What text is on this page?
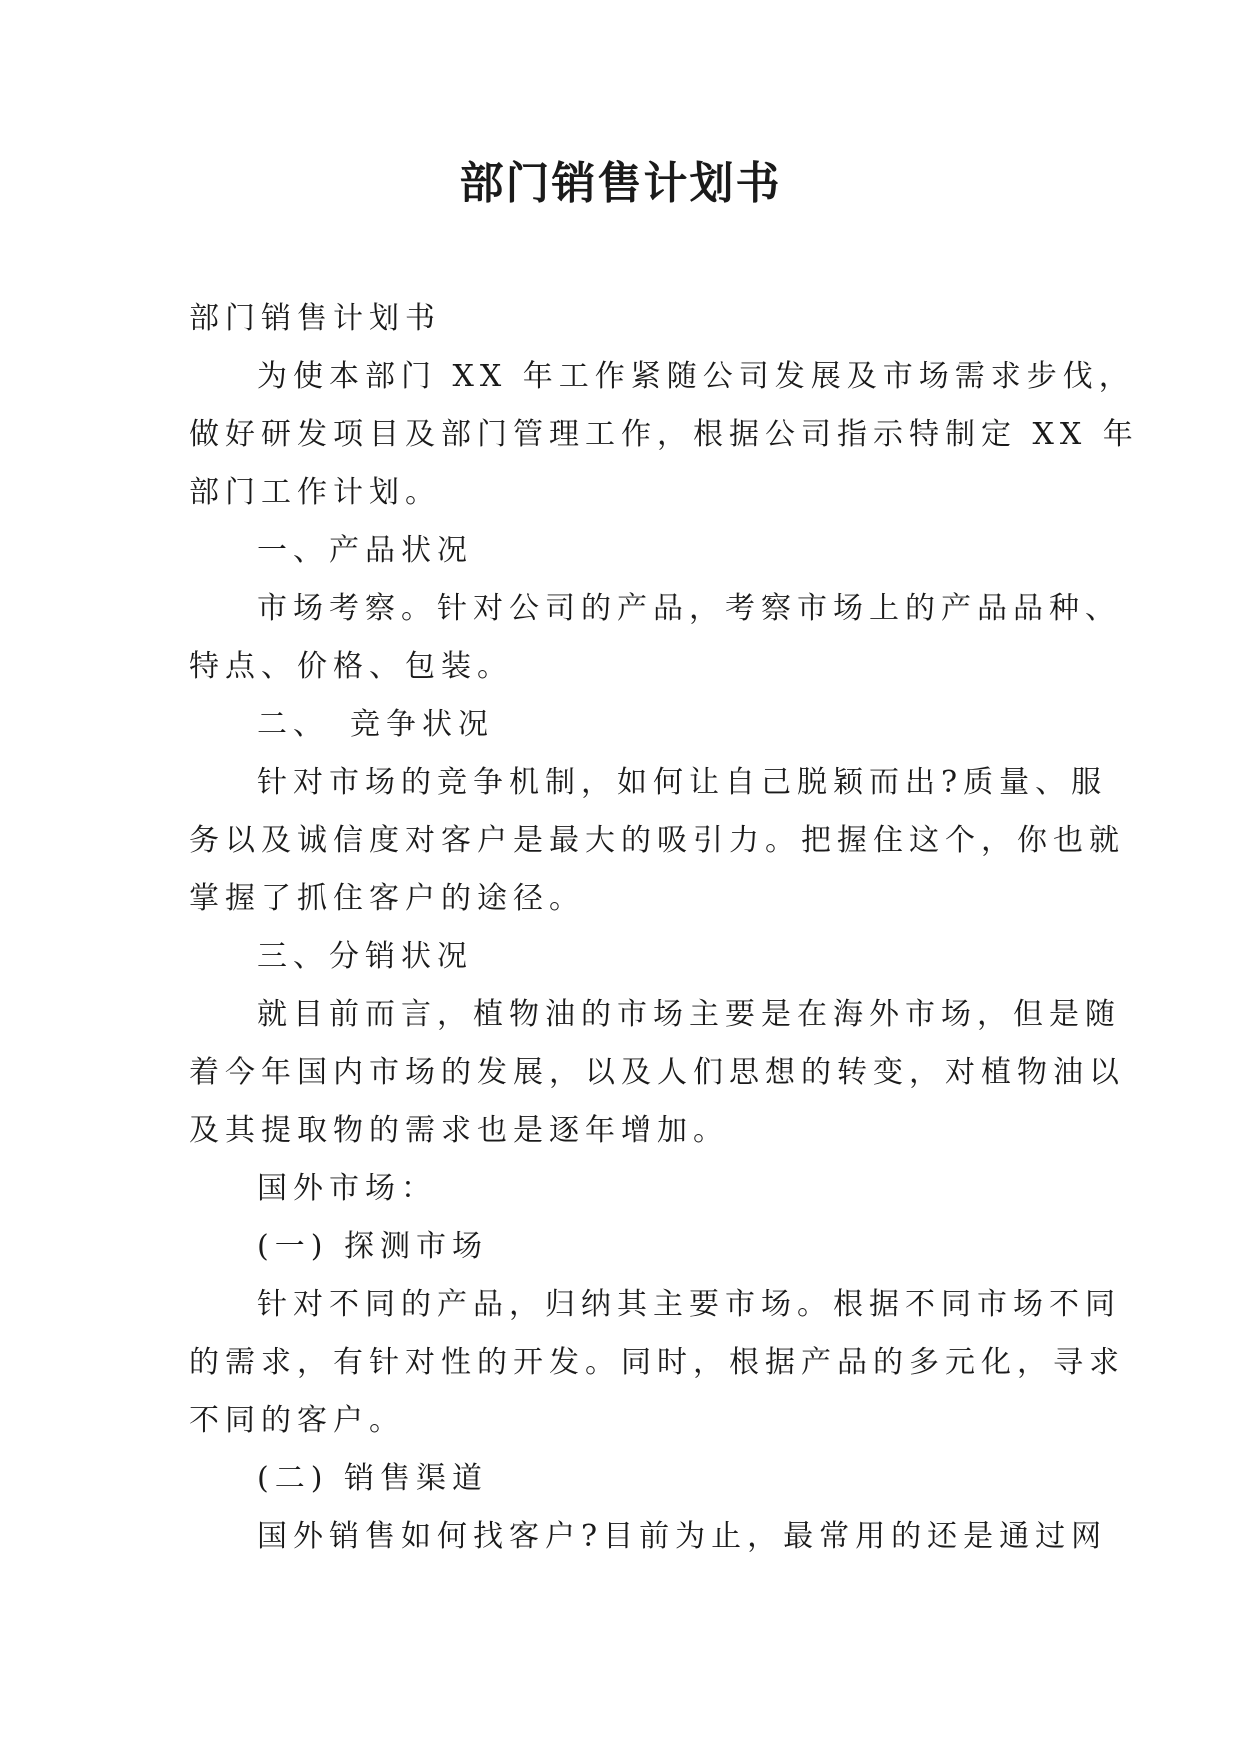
部门销售计划书

部门销售计划书

为使本部门 XX 年工作紧随公司发展及市场需求步伐，

做好研发项目及部门管理工作，根据公司指示特制定 XX 年

部门工作计划。

一、产品状况

市场考察。针对公司的产品，考察市场上的产品品种、

特点、价格、包装。

二、　竞争状况

针对市场的竞争机制，如何让自己脱颖而出?质量、服

务以及诚信度对客户是最大的吸引力。把握住这个，你也就

掌握了抓住客户的途径。

三、分销状况

就目前而言，植物油的市场主要是在海外市场，但是随

着今年国内市场的发展，以及人们思想的转变，对植物油以

及其提取物的需求也是逐年增加。

国外市场：

(一) 探测市场

针对不同的产品，归纳其主要市场。根据不同市场不同

的需求，有针对性的开发。同时，根据产品的多元化，寻求

不同的客户。

(二) 销售渠道

国外销售如何找客户?目前为止，最常用的还是通过网
